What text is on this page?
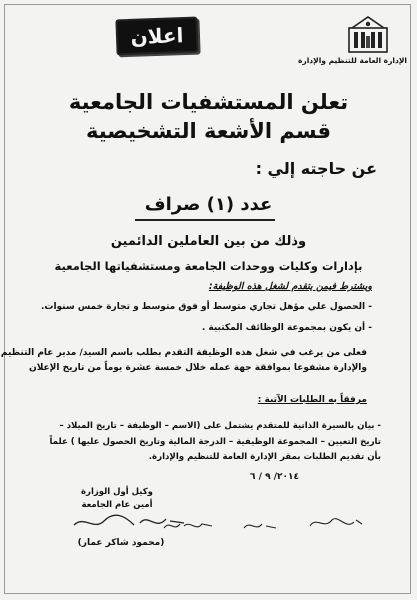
اعلان
الإدارة العامة للتنظيم والإدارة
تعلن المستشفيات الجامعية
قسم الأشعة التشخيصية
عن حاجته إلي :
عدد (١) صراف
وذلك من بين العاملين الدائمين
بإدارات وكليات ووحدات الجامعة ومستشفياتها الجامعية
ويشترط فيمن يتقدم لشغل هذه الوظيفة:
- الحصول علي مؤهل تجاري متوسط أو فوق متوسط و تجارة خمس سنوات.
- أن يكون بمجموعة الوظائف المكتبية .
فعلى من يرغب في شغل هذه الوظيفة التقدم بطلب باسم السيد/ مدير عام التنظيم
والإدارة مشفوعا بموافقة جهة عمله خلال خمسة عشرة يوماً من تاريخ الإعلان
مرفقاً به الطلبات الآتية :
- بيان بالسيرة الذاتية للمتقدم يشتمل على (الاسم – الوظيفة – تاريخ الميلاد –
تاريخ التعيين – المجموعة الوظيفية – الدرجة المالية وتاريخ الحصول عليها ) علماً
بأن تقديم الطلبات بمقر الإدارة العامة للتنظيم والإدارة.
٢٠١٤/ ٩ / ٦
وكيل أول الوزارة
أمين عام الجامعة
(محمود شاكر عمار)
